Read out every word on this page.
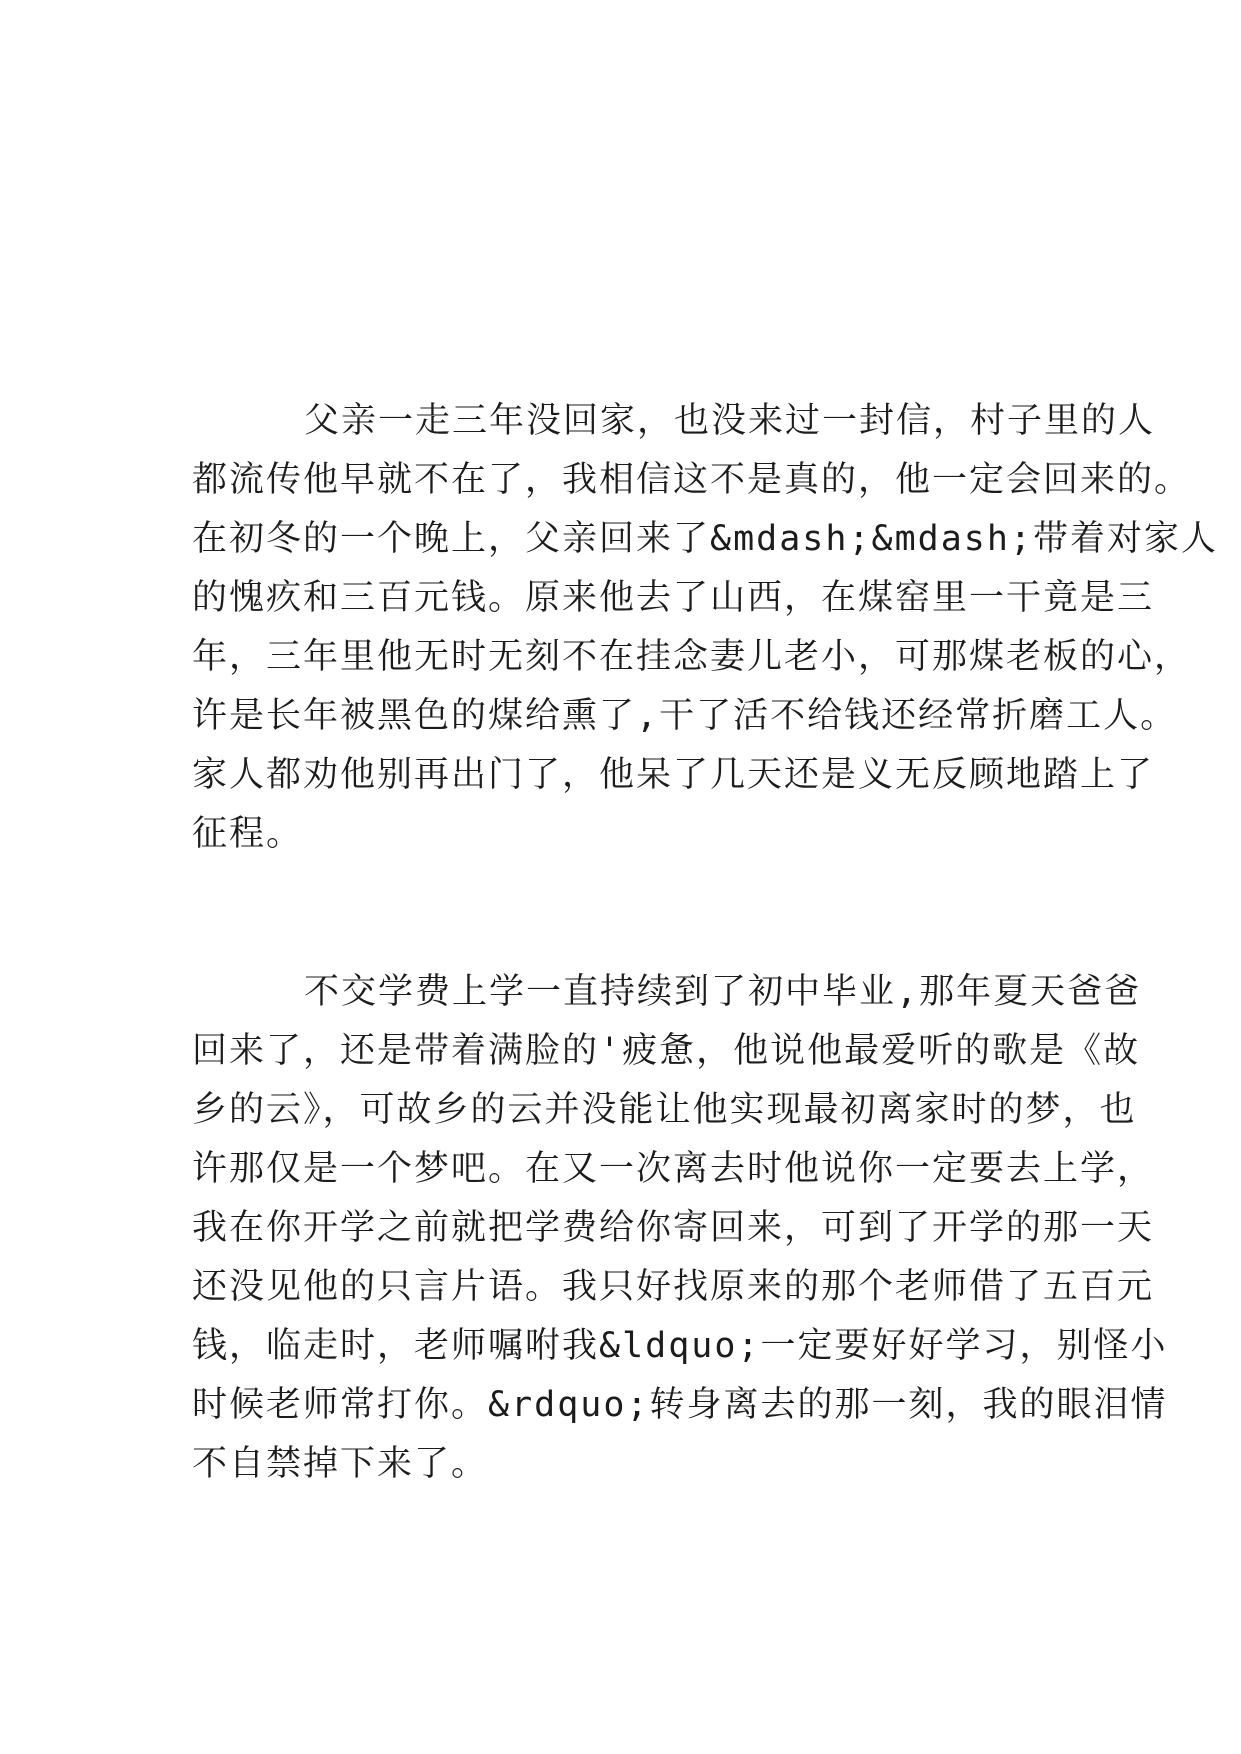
父亲一走三年没回家，也没来过一封信，村子里的人
都流传他早就不在了，我相信这不是真的，他一定会回来的。
在初冬的一个晚上，父亲回来了&mdash;&mdash;带着对家人
的愧疚和三百元钱。原来他去了山西，在煤窑里一干竟是三
年，三年里他无时无刻不在挂念妻儿老小，可那煤老板的心，
许是长年被黑色的煤给熏了,干了活不给钱还经常折磨工人。
家人都劝他别再出门了，他呆了几天还是义无反顾地踏上了
征程。
不交学费上学一直持续到了初中毕业,那年夏天爸爸
回来了，还是带着满脸的'疲惫，他说他最爱听的歌是《故
乡的云》，可故乡的云并没能让他实现最初离家时的梦，也
许那仅是一个梦吧。在又一次离去时他说你一定要去上学，
我在你开学之前就把学费给你寄回来，可到了开学的那一天
还没见他的只言片语。我只好找原来的那个老师借了五百元
钱，临走时，老师嘱咐我&ldquo;一定要好好学习，别怪小
时候老师常打你。&rdquo;转身离去的那一刻，我的眼泪情
不自禁掉下来了。
